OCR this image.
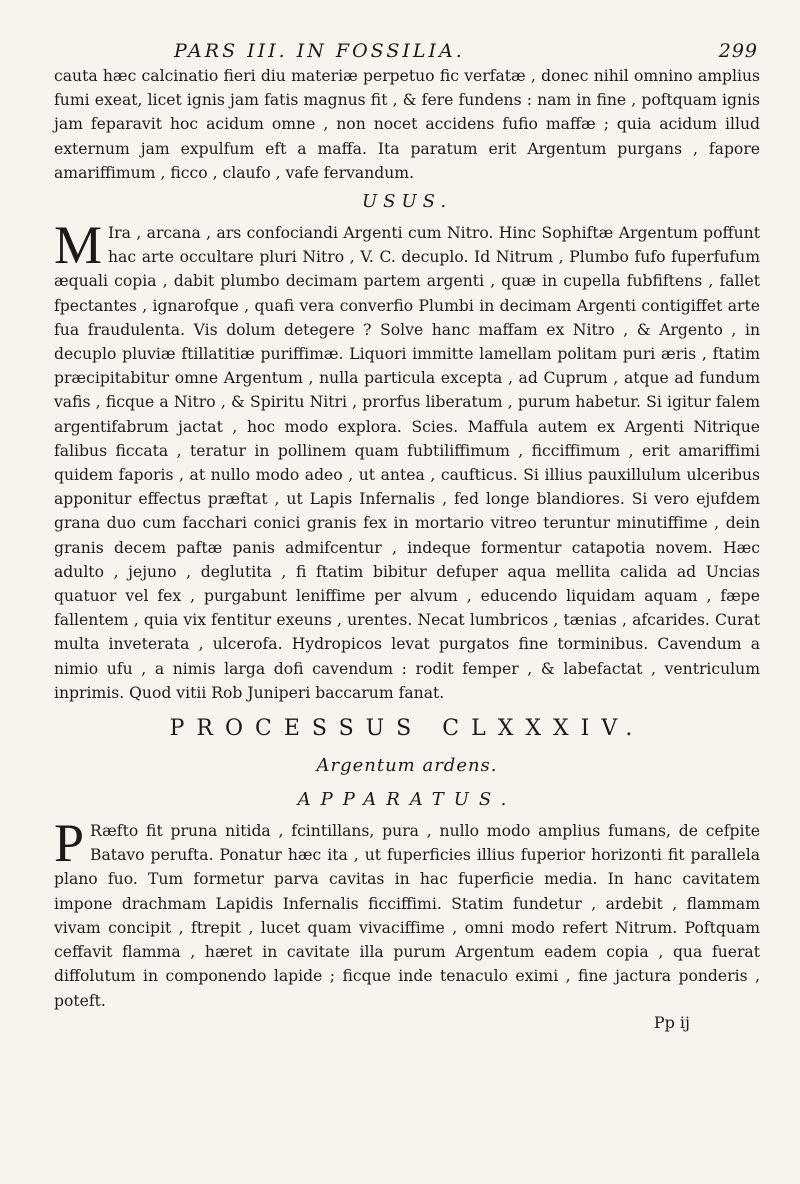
PARS III. IN FOSSILIA.	299

cauta hæc calcinatio fieri diu materiæ perpetuo fic verfatæ , donec nihil omnino amplius fumi exeat, licet ignis jam fatis magnus fit , & fere fundens : nam in fine , poftquam ignis jam feparavit hoc acidum omne , non nocet accidens fufio maffæ ; quia acidum illud externum jam expulfum eft a maffa. Ita paratum erit Argentum purgans , fapore amariffimum , ficco , claufo , vafe fervandum.

USUS.

M Ira , arcana , ars confociandi Argenti cum Nitro. Hinc Sophiftæ Argentum poffunt hac arte occultare pluri Nitro , V. C. decuplo. Id Nitrum , Plumbo fufo fuperfufum æquali copia , dabit plumbo decimam partem argenti , quæ in cupella fubfiftens , fallet fpectantes , ignarofque , quafi vera converfio Plumbi in decimam Argenti contigiffet arte fua fraudulenta. Vis dolum detegere ? Solve hanc maffam ex Nitro , & Argento , in decuplo pluviæ ftillatitiæ puriffimæ. Liquori immitte lamellam politam puri æris , ftatim præcipitabitur omne Argentum , nulla particula excepta , ad Cuprum , atque ad fundum vafis , ficque a Nitro , & Spiritu Nitri , prorfus liberatum , purum habetur. Si igitur falem argentifabrum jactat , hoc modo explora. Scies. Maffula autem ex Argenti Nitrique falibus ficcata , teratur in pollinem quam fubtiliffimum , ficciffimum , erit amariffimi quidem faporis , at nullo modo adeo , ut antea , caufticus. Si illius pauxillulum ulceribus apponitur effectus præftat , ut Lapis Infernalis , fed longe blandiores. Si vero ejufdem grana duo cum facchari conici granis fex in mortario vitreo teruntur minutiffime , dein granis decem paftæ panis admifcentur , indeque formentur catapotia novem. Hæc adulto , jejuno , deglutita , fi ftatim bibitur defuper aqua mellita calida ad Uncias quatuor vel fex , purgabunt leniffime per alvum , educendo liquidam aquam , fæpe fallentem , quia vix fentitur exeuns , urentes. Necat lumbricos , tænias , afcarides. Curat multa inveterata , ulcerofa. Hydropicos levat purgatos fine torminibus. Cavendum a nimio ufu , a nimis larga dofi cavendum : rodit femper , & labefactat , ventriculum inprimis. Quod vitii Rob Juniperi baccarum fanat.

PROCESSUS CLXXXIV.
Argentum ardens.
APPARATUS.

P Ræfto fit pruna nitida , fcintillans, pura , nullo modo amplius fumans, de cefpite Batavo perufta. Ponatur hæc ita , ut fuperficies illius fuperior horizonti fit parallela plano fuo. Tum formetur parva cavitas in hac fuperficie media. In hanc cavitatem impone drachmam Lapidis Infernalis ficciffimi. Statim fundetur , ardebit , flammam vivam concipit , ftrepit , lucet quam vivaciffime , omni modo refert Nitrum. Poftquam ceffavit flamma , hæret in cavitate illa purum Argentum eadem copia , qua fuerat diffolutum in componendo lapide ; ficque inde tenaculo eximi , fine jactura ponderis , poteft.

Pp ij
